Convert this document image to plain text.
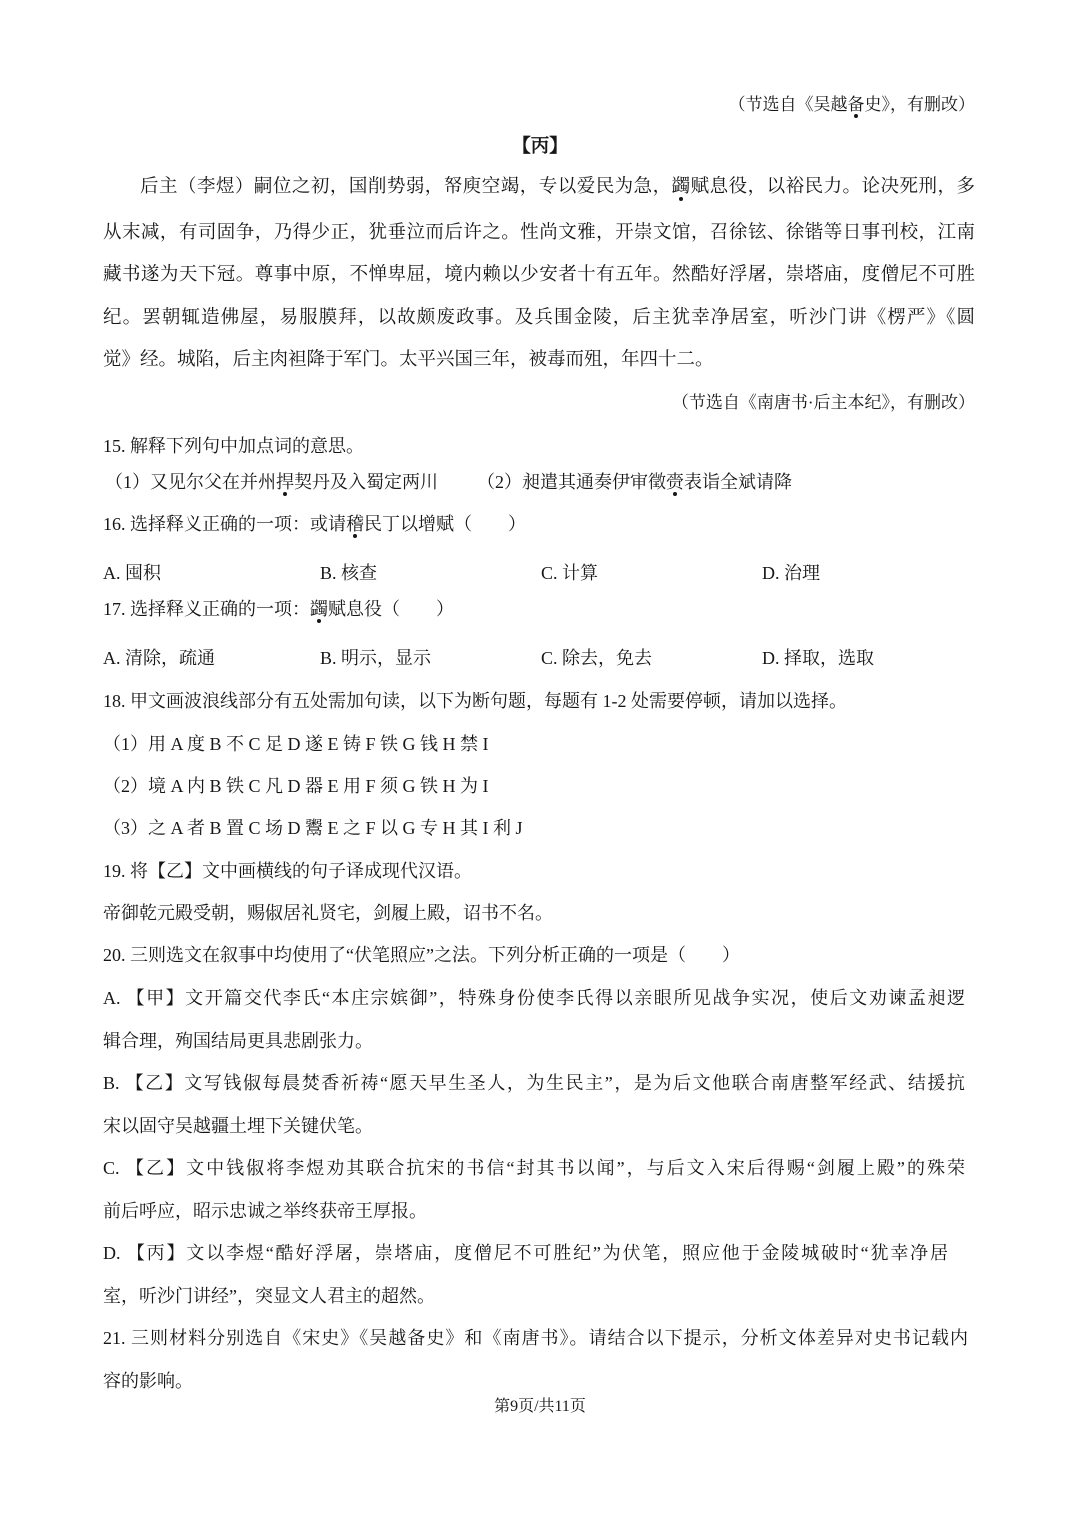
（节选自《吴越备史》，有删改）
【丙】
后主（李煜）嗣位之初，国削势弱，帑庾空竭，专以爱民为急，蠲赋息役，以裕民力。论决死刑，多
从末减，有司固争，乃得少正，犹垂泣而后许之。性尚文雅，开崇文馆，召徐铉、徐锴等日事刊校，江南
藏书遂为天下冠。尊事中原，不惮卑屈，境内赖以少安者十有五年。然酷好浮屠，崇塔庙，度僧尼不可胜
纪。罢朝辄造佛屋，易服膜拜，以故颇废政事。及兵围金陵，后主犹幸净居室，听沙门讲《楞严》《圆
觉》经。城陷，后主肉袒降于军门。太平兴国三年，被毒而殂，年四十二。
（节选自《南唐书·后主本纪》，有删改）
15. 解释下列句中加点词的意思。
（1）又见尔父在并州捍契丹及入蜀定两川 （2）昶遣其通奏伊审徵赍表诣全斌请降
16. 选择释义正确的一项：或请稽民丁以增赋（　　）
A. 囤积	B. 核查	C. 计算	D. 治理
17. 选择释义正确的一项：蠲赋息役（　　）
A. 清除，疏通	B. 明示，显示	C. 除去，免去	D. 择取，选取
18. 甲文画波浪线部分有五处需加句读，以下为断句题，每题有 1-2 处需要停顿，请加以选择。
（1）用 A 度 B 不 C 足 D 遂 E 铸 F 铁 G 钱 H 禁 I
（2）境 A 内 B 铁 C 凡 D 器 E 用 F 须 G 铁 H 为 I
（3）之 A 者 B 置 C 场 D 鬻 E 之 F 以 G 专 H 其 I 利 J
19. 将【乙】文中画横线的句子译成现代汉语。
帝御乾元殿受朝，赐俶居礼贤宅，剑履上殿，诏书不名。
20. 三则选文在叙事中均使用了“伏笔照应”之法。下列分析正确的一项是（　　）
A. 【甲】文开篇交代李氏“本庄宗嫔御”，特殊身份使李氏得以亲眼所见战争实况，使后文劝谏孟昶逻
辑合理，殉国结局更具悲剧张力。
B. 【乙】文写钱俶每晨焚香祈祷“愿天早生圣人，为生民主”，是为后文他联合南唐整军经武、结援抗
宋以固守吴越疆土埋下关键伏笔。
C. 【乙】文中钱俶将李煜劝其联合抗宋的书信“封其书以闻”，与后文入宋后得赐“剑履上殿”的殊荣
前后呼应，昭示忠诚之举终获帝王厚报。
D. 【丙】文以李煜“酷好浮屠，崇塔庙，度僧尼不可胜纪”为伏笔，照应他于金陵城破时“犹幸净居
室，听沙门讲经”，突显文人君主的超然。
21. 三则材料分别选自《宋史》《吴越备史》和《南唐书》。请结合以下提示，分析文体差异对史书记载内
容的影响。
第9页/共11页
